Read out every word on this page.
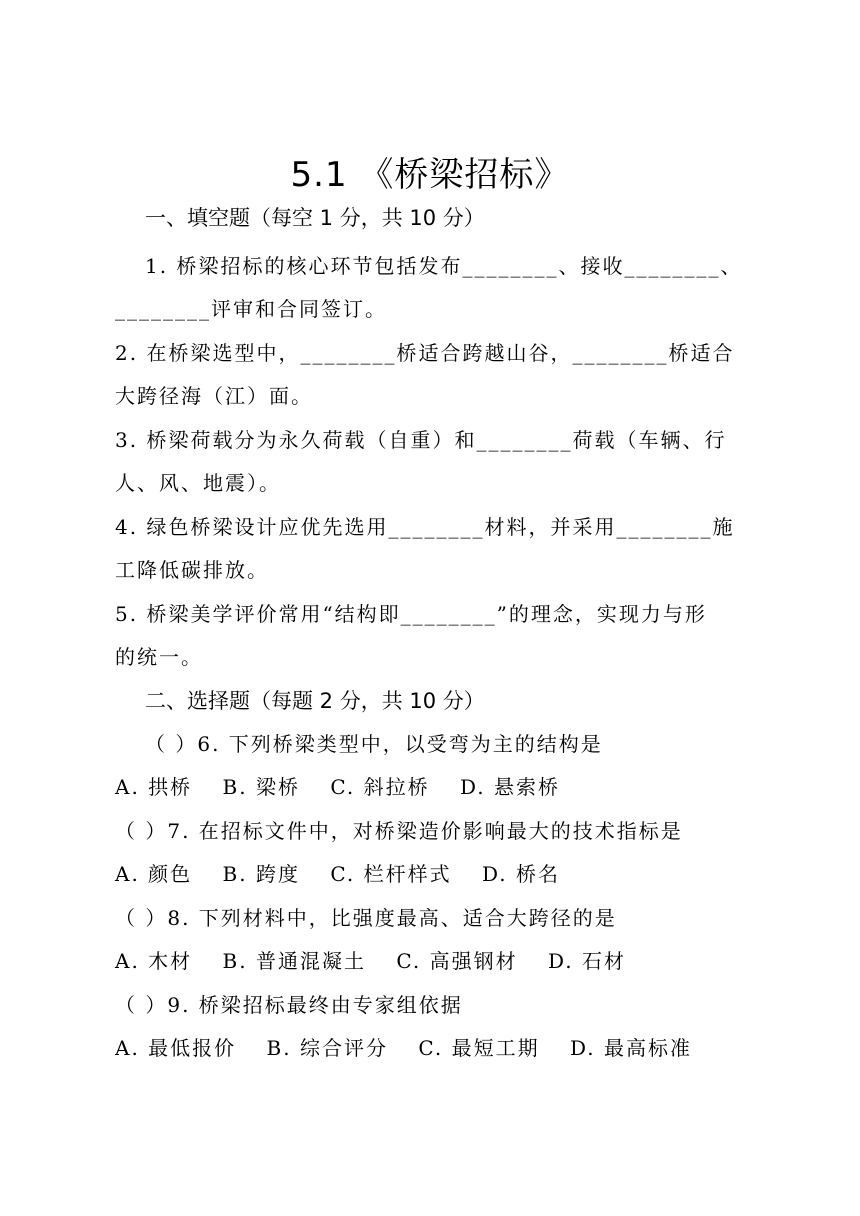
5.1 《桥梁招标》
一、填空题（每空 1 分，共 10 分）
1. 桥梁招标的核心环节包括发布________、接收________、
________评审和合同签订。
2. 在桥梁选型中，________桥适合跨越山谷，________桥适合
大跨径海（江）面。
3. 桥梁荷载分为永久荷载（自重）和________荷载（车辆、行
人、风、地震）。
4. 绿色桥梁设计应优先选用________材料，并采用________施
工降低碳排放。
5. 桥梁美学评价常用“结构即________”的理念，实现力与形
的统一。
二、选择题（每题 2 分，共 10 分）
（ ）6. 下列桥梁类型中，以受弯为主的结构是
A. 拱桥 B. 梁桥 C. 斜拉桥 D. 悬索桥
（ ）7. 在招标文件中，对桥梁造价影响最大的技术指标是
A. 颜色 B. 跨度 C. 栏杆样式 D. 桥名
（ ）8. 下列材料中，比强度最高、适合大跨径的是
A. 木材 B. 普通混凝土 C. 高强钢材 D. 石材
（ ）9. 桥梁招标最终由专家组依据
A. 最低报价 B. 综合评分 C. 最短工期 D. 最高标准
